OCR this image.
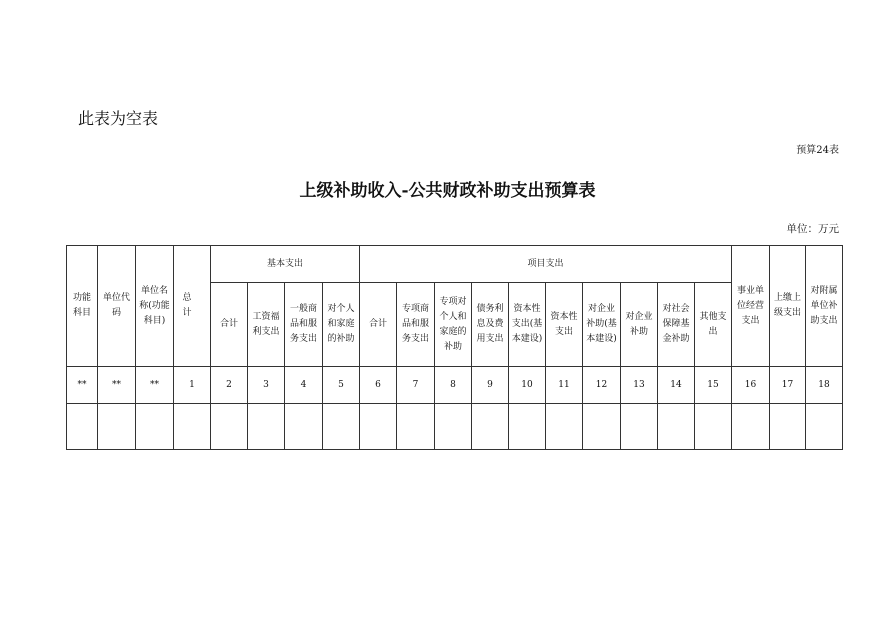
此表为空表
预算24表
上级补助收入-公共财政补助支出预算表
单位：万元
功能科目	单位代码	单位名称(功能科目)	总 计	基本支出				项目支出										事业单位经营支出	上缴上级支出	对附属单位补助支出
				合计	工资福利支出	一般商品和服务支出	对个人和家庭的补助	合计	专项商品和服务支出	专项对个人和家庭的补助	债务利息及费用支出	资本性支出(基本建设)	资本性支出	对企业补助(基本建设)	对企业补助	对社会保障基金补助	其他支出			
**	**	**	1	2	3	4	5	6	7	8	9	10	11	12	13	14	15	16	17	18
